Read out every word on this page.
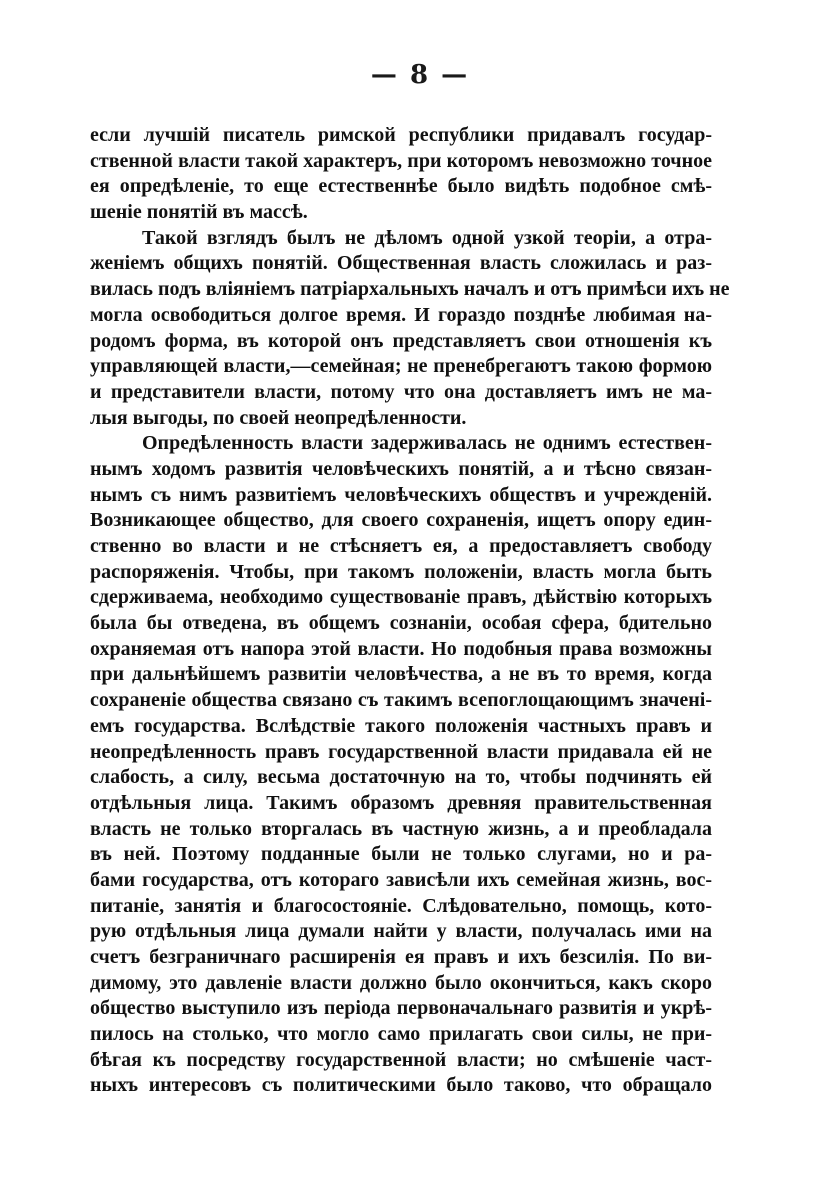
— 8 —
если лучшій писатель римской республики придавалъ государ-
ственной власти такой характеръ, при которомъ невозможно точное
ея опредѣленіе, то еще естественнѣе было видѣть подобное смѣ-
шеніе понятій въ массѣ.
Такой взглядъ былъ не дѣломъ одной узкой теоріи, а отра-
женіемъ общихъ понятій. Общественная власть сложилась и раз-
вилась подъ вліяніемъ патріархальныхъ началъ и отъ примѣси ихъ не
могла освободиться долгое время. И гораздо позднѣе любимая на-
родомъ форма, въ которой онъ представляетъ свои отношенія къ
управляющей власти,—семейная; не пренебрегаютъ такою формою
и представители власти, потому что она доставляетъ имъ не ма-
лыя выгоды, по своей неопредѣленности.
Опредѣленность власти задерживалась не однимъ естествен-
нымъ ходомъ развитія человѣческихъ понятій, а и тѣсно связан-
нымъ съ нимъ развитіемъ человѣческихъ обществъ и учрежденій.
Возникающее общество, для своего сохраненія, ищетъ опору един-
ственно во власти и не стѣсняетъ ея, а предоставляетъ свободу
распоряженія. Чтобы, при такомъ положеніи, власть могла быть
сдерживаема, необходимо существованіе правъ, дѣйствію которыхъ
была бы отведена, въ общемъ сознаніи, особая сфера, бдительно
охраняемая отъ напора этой власти. Но подобныя права возможны
при дальнѣйшемъ развитіи человѣчества, а не въ то время, когда
сохраненіе общества связано съ такимъ всепоглощающимъ значені-
емъ государства. Вслѣдствіе такого положенія частныхъ правъ и
неопредѣленность правъ государственной власти придавала ей не
слабость, а силу, весьма достаточную на то, чтобы подчинять ей
отдѣльныя лица. Такимъ образомъ древняя правительственная
власть не только вторгалась въ частную жизнь, а и преобладала
въ ней. Поэтому подданные были не только слугами, но и ра-
бами государства, отъ котораго зависѣли ихъ семейная жизнь, вос-
питаніе, занятія и благосостояніе. Слѣдовательно, помощь, кото-
рую отдѣльныя лица думали найти у власти, получалась ими на
счетъ безграничнаго расширенія ея правъ и ихъ безсилія. По ви-
димому, это давленіе власти должно было окончиться, какъ скоро
общество выступило изъ періода первоначальнаго развитія и укрѣ-
пилось на столько, что могло само прилагать свои силы, не при-
бѣгая къ посредству государственной власти; но смѣшеніе част-
ныхъ интересовъ съ политическими было таково, что обращало
